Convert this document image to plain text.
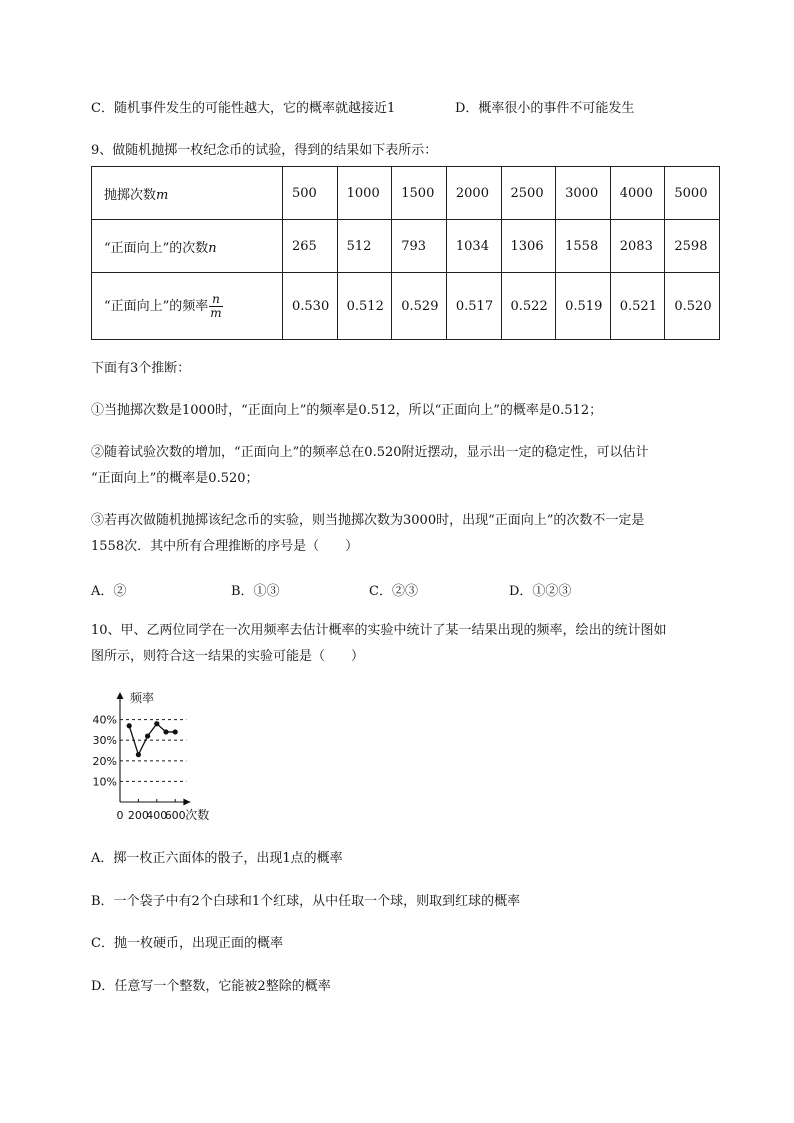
C．随机事件发生的可能性越大，它的概率就越接近1	D．概率很小的事件不可能发生
9、做随机抛掷一枚纪念币的试验，得到的结果如下表所示：
抛掷次数m	500	1000	1500	2000	2500	3000	4000	5000
“正面向上”的次数n	265	512	793	1034	1306	1558	2083	2598
“正面向上”的频率 $\frac{n}{m}$	0.530	0.512	0.529	0.517	0.522	0.519	0.521	0.520
下面有3个推断：
①当抛掷次数是1000时，“正面向上”的频率是0.512，所以“正面向上”的概率是0.512；
②随着试验次数的增加，“正面向上”的频率总在0.520附近摆动，显示出一定的稳定性，可以估计
“正面向上”的概率是0.520；
③若再次做随机抛掷该纪念币的实验，则当抛掷次数为3000时，出现“正面向上”的次数不一定是
1558次．其中所有合理推断的序号是（　　）
A．②	B．①③	C．②③	D．①②③
10、甲、乙两位同学在一次用频率去估计概率的实验中统计了某一结果出现的频率，绘出的统计图如
图所示，则符合这一结果的实验可能是（　　）
10%
20%
30%
40%
频率
次数
0 200
400
600
A．掷一枚正六面体的骰子，出现1点的概率
B．一个袋子中有2个白球和1个红球，从中任取一个球，则取到红球的概率
C．抛一枚硬币，出现正面的概率
D．任意写一个整数，它能被2整除的概率
